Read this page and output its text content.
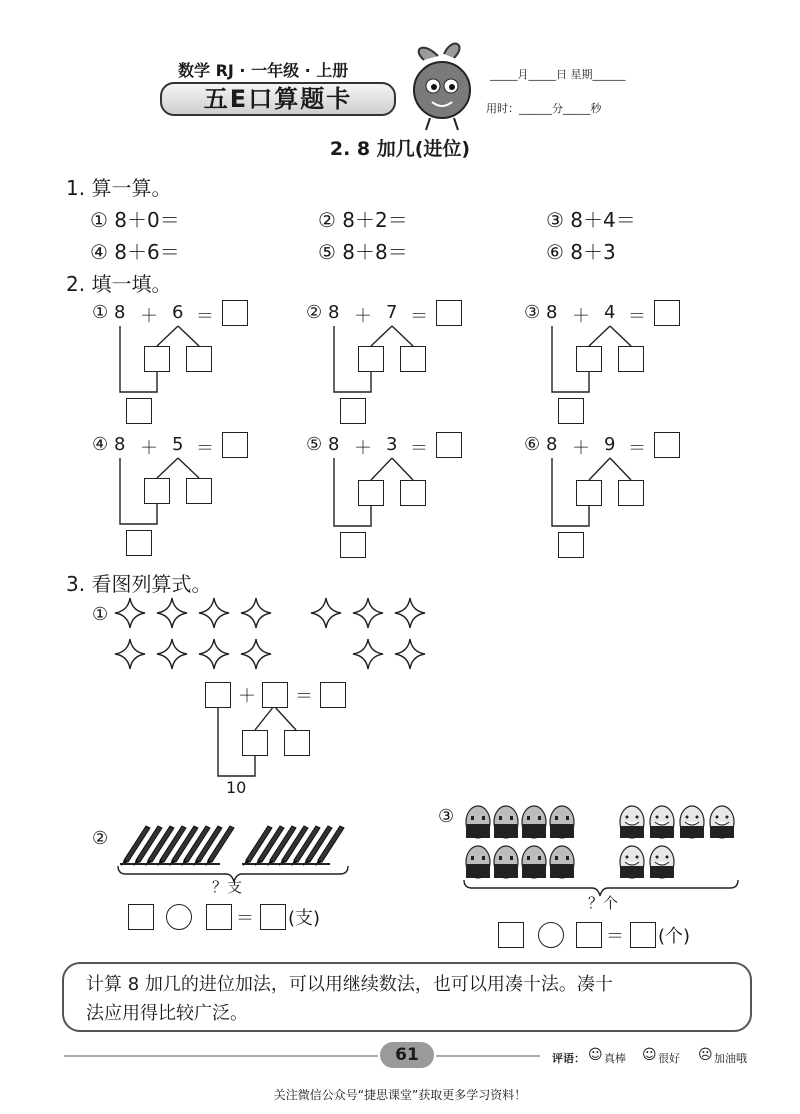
数学 RJ · 一年级 · 上册
五E口算题卡
_____月_____日 星期______
用时：______分_____秒
2. 8 加几(进位)
1. 算一算。
① 8＋0＝	② 8＋2＝	③ 8＋4＝
④ 8＋6＝	⑤ 8＋8＝	⑥ 8＋3
2. 填一填。
① 8 ＋ 6 ＝	② 8 ＋ 7 ＝	③ 8 ＋ 4 ＝
④ 8 ＋ 5 ＝	⑤ 8 ＋ 3 ＝	⑥ 8 ＋ 9 ＝
3. 看图列算式。
①
＋ ＝
10
②
？支
＝ (支)
③
？个
＝ (个)
计算 8 加几的进位加法，可以用继续数法，也可以用凑十法。凑十
法应用得比较广泛。
61	评语： ☺ 真棒 ☺ 很好 ☹ 加油哦
关注微信公众号“捷思课堂”获取更多学习资料！
